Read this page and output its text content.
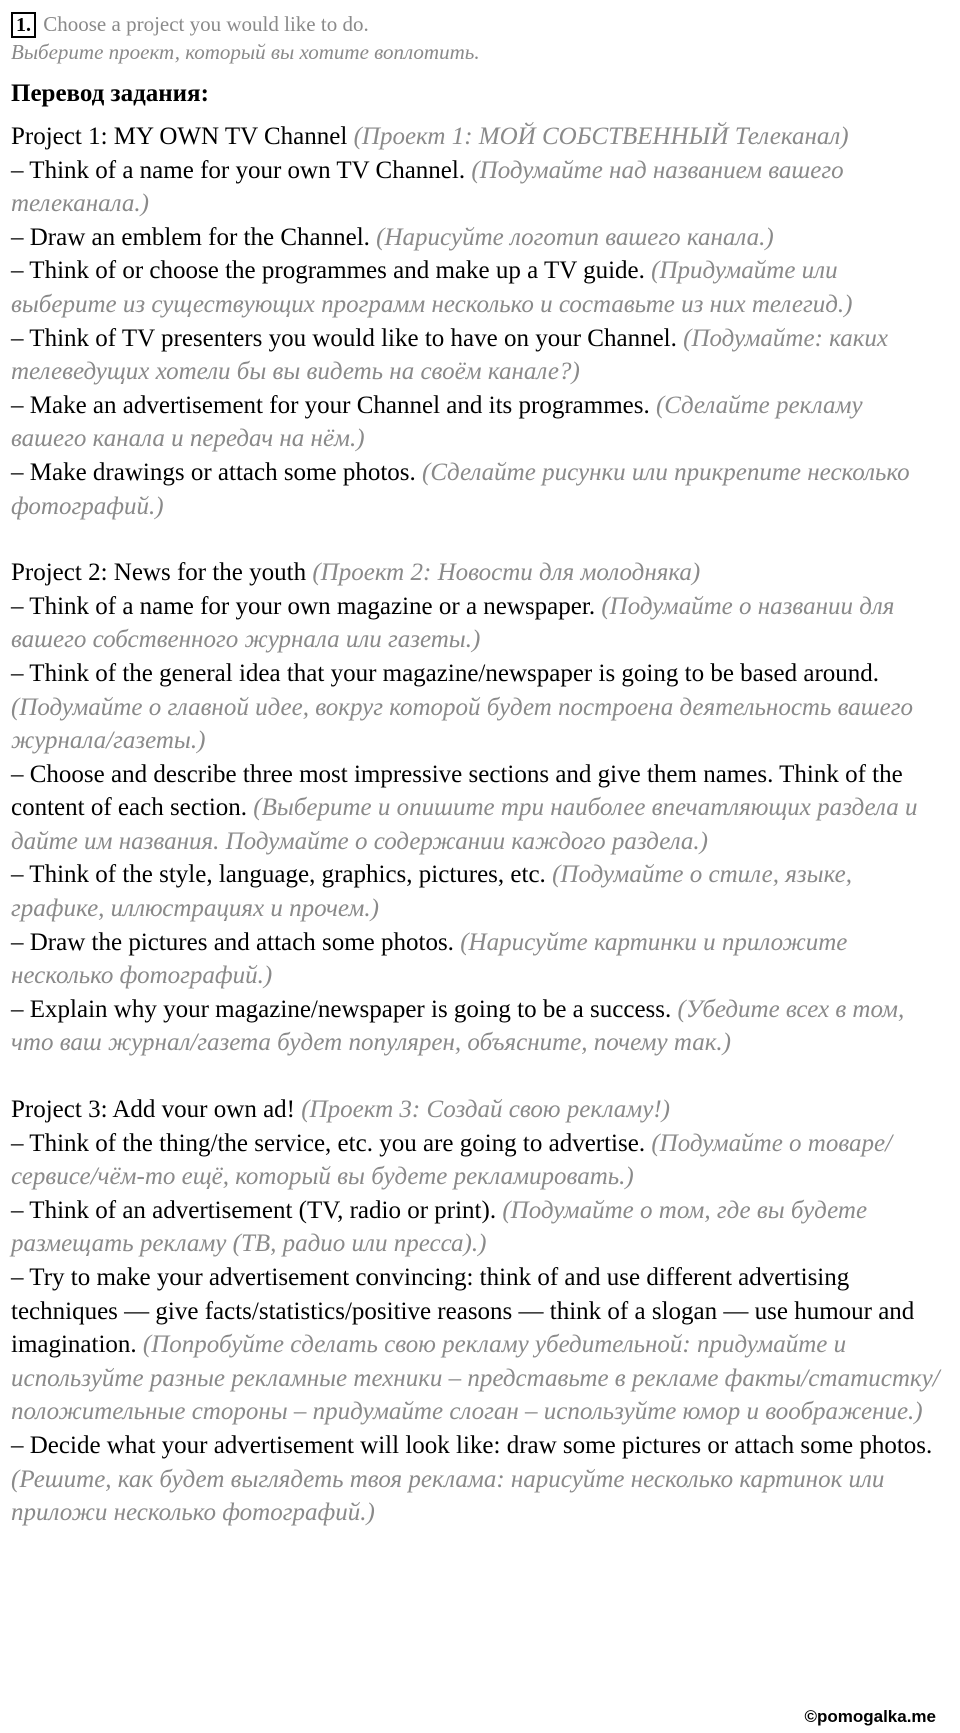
1. Choose a project you would like to do.
Выберите проект, который вы хотите воплотить.
Перевод задания:
Project 1: MY OWN TV Channel (Проект 1: МОЙ СОБСТВЕННЫЙ Телеканал)
– Think of a name for your own TV Channel. (Подумайте над названием вашего телеканала.)
– Draw an emblem for the Channel. (Нарисуйте логотип вашего канала.)
– Think of or choose the programmes and make up a TV guide. (Придумайте или выберите из существующих программ несколько и составьте из них телегид.)
– Think of TV presenters you would like to have on your Channel. (Подумайте: каких телеведущих хотели бы вы видеть на своём канале?)
– Make an advertisement for your Channel and its programmes. (Сделайте рекламу вашего канала и передач на нём.)
– Make drawings or attach some photos. (Сделайте рисунки или прикрепите несколько фотографий.)
Project 2: News for the youth (Проект 2: Новости для молодняка)
– Think of a name for your own magazine or a newspaper. (Подумайте о названии для вашего собственного журнала или газеты.)
– Think of the general idea that your magazine/newspaper is going to be based around. (Подумайте о главной идее, вокруг которой будет построена деятельность вашего журнала/газеты.)
– Choose and describe three most impressive sections and give them names. Think of the content of each section. (Выберите и опишите три наиболее впечатляющих раздела и дайте им названия. Подумайте о содержании каждого раздела.)
– Think of the style, language, graphics, pictures, etc. (Подумайте о стиле, языке, графике, иллюстрациях и прочем.)
– Draw the pictures and attach some photos. (Нарисуйте картинки и приложите несколько фотографий.)
– Explain why your magazine/newspaper is going to be a success. (Убедите всех в том, что ваш журнал/газета будет популярен, объясните, почему так.)
Project 3: Add vour own ad! (Проект 3: Создай свою рекламу!)
– Think of the thing/the service, etc. you are going to advertise. (Подумайте о товаре/сервисе/чём-то ещё, который вы будете рекламировать.)
– Think of an advertisement (TV, radio or print). (Подумайте о том, где вы будете размещать рекламу (ТВ, радио или пресса).)
– Try to make your advertisement convincing: think of and use different advertising techniques — give facts/statistics/positive reasons — think of a slogan — use humour and imagination. (Попробуйте сделать свою рекламу убедительной: придумайте и используйте разные рекламные техники – представьте в рекламе факты/статистку/положительные стороны – придумайте слоган – используйте юмор и воображение.)
– Decide what your advertisement will look like: draw some pictures or attach some photos. (Решите, как будет выглядеть твоя реклама: нарисуйте несколько картинок или приложи несколько фотографий.)
©pomogalka.me
